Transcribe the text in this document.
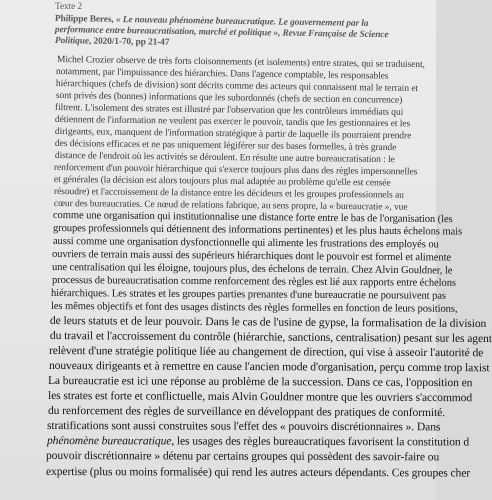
Texte 2
Philippe Beres, « Le nouveau phénomène bureaucratique. Le gouvernement par la
performance entre bureaucratisation, marché et politique », Revue Française de Science
Politique, 2020/1-70, pp 21-47
Michel Crozier observe de très forts cloisonnements (et isolements) entre strates, qui se traduisent,
notamment, par l'impuissance des hiérarchies. Dans l'agence comptable, les responsables
hiérarchiques (chefs de division) sont décrits comme des acteurs qui connaissent mal le terrain et
sont privés des (bonnes) informations que les subordonnés (chefs de section en concurrence)
filtrent. L'isolement des strates est illustré par l'observation que les contrôleurs immédiats qui
détiennent de l'information ne veulent pas exercer le pouvoir, tandis que les gestionnaires et les
dirigeants, eux, manquent de l'information stratégique à partir de laquelle ils pourraient prendre
des décisions efficaces et ne pas uniquement légiférer sur des bases formelles, à très grande
distance de l'endroit où les activités se déroulent. En résulte une autre bureaucratisation : le
renforcement d'un pouvoir hiérarchique qui s'exerce toujours plus dans des règles impersonnelles
et générales (la décision est alors toujours plus mal adaptée au problème qu'elle est censée
résoudre) et l'accroissement de la distance entre les décideurs et les groupes professionnels au
cœur des bureaucraties. Ce nœud de relations fabrique, au sens propre, la « bureaucratie », vue
comme une organisation qui institutionnalise une distance forte entre le bas de l'organisation (les
groupes professionnels qui détiennent des informations pertinentes) et les plus hauts échelons mais
aussi comme une organisation dysfonctionnelle qui alimente les frustrations des employés ou
ouvriers de terrain mais aussi des supérieurs hiérarchiques dont le pouvoir est formel et alimente
une centralisation qui les éloigne, toujours plus, des échelons de terrain. Chez Alvin Gouldner, le
processus de bureaucratisation comme renforcement des règles est lié aux rapports entre échelons
hiérarchiques. Les strates et les groupes parties prenantes d'une bureaucratie ne poursuivent pas
les mêmes objectifs et font des usages distincts des règles formelles en fonction de leurs positions,
de leurs statuts et de leur pouvoir. Dans le cas de l'usine de gypse, la formalisation de la division
du travail et l'accroissement du contrôle (hiérarchie, sanctions, centralisation) pesant sur les agent
relèvent d'une stratégie politique liée au changement de direction, qui vise à asseoir l'autorité de
nouveaux dirigeants et à remettre en cause l'ancien mode d'organisation, perçu comme trop laxist
La bureaucratie est ici une réponse au problème de la succession. Dans ce cas, l'opposition en
les strates est forte et conflictuelle, mais Alvin Gouldner montre que les ouvriers s'accommod
du renforcement des règles de surveillance en développant des pratiques de conformité.
stratifications sont aussi construites sous l'effet des « pouvoirs discrétionnaires ». Dans
phénomène bureaucratique, les usages des règles bureaucratiques favorisent la constitution d
pouvoir discrétionnaire » détenu par certains groupes qui possèdent des savoir-faire ou
expertise (plus ou moins formalisée) qui rend les autres acteurs dépendants. Ces groupes cher
